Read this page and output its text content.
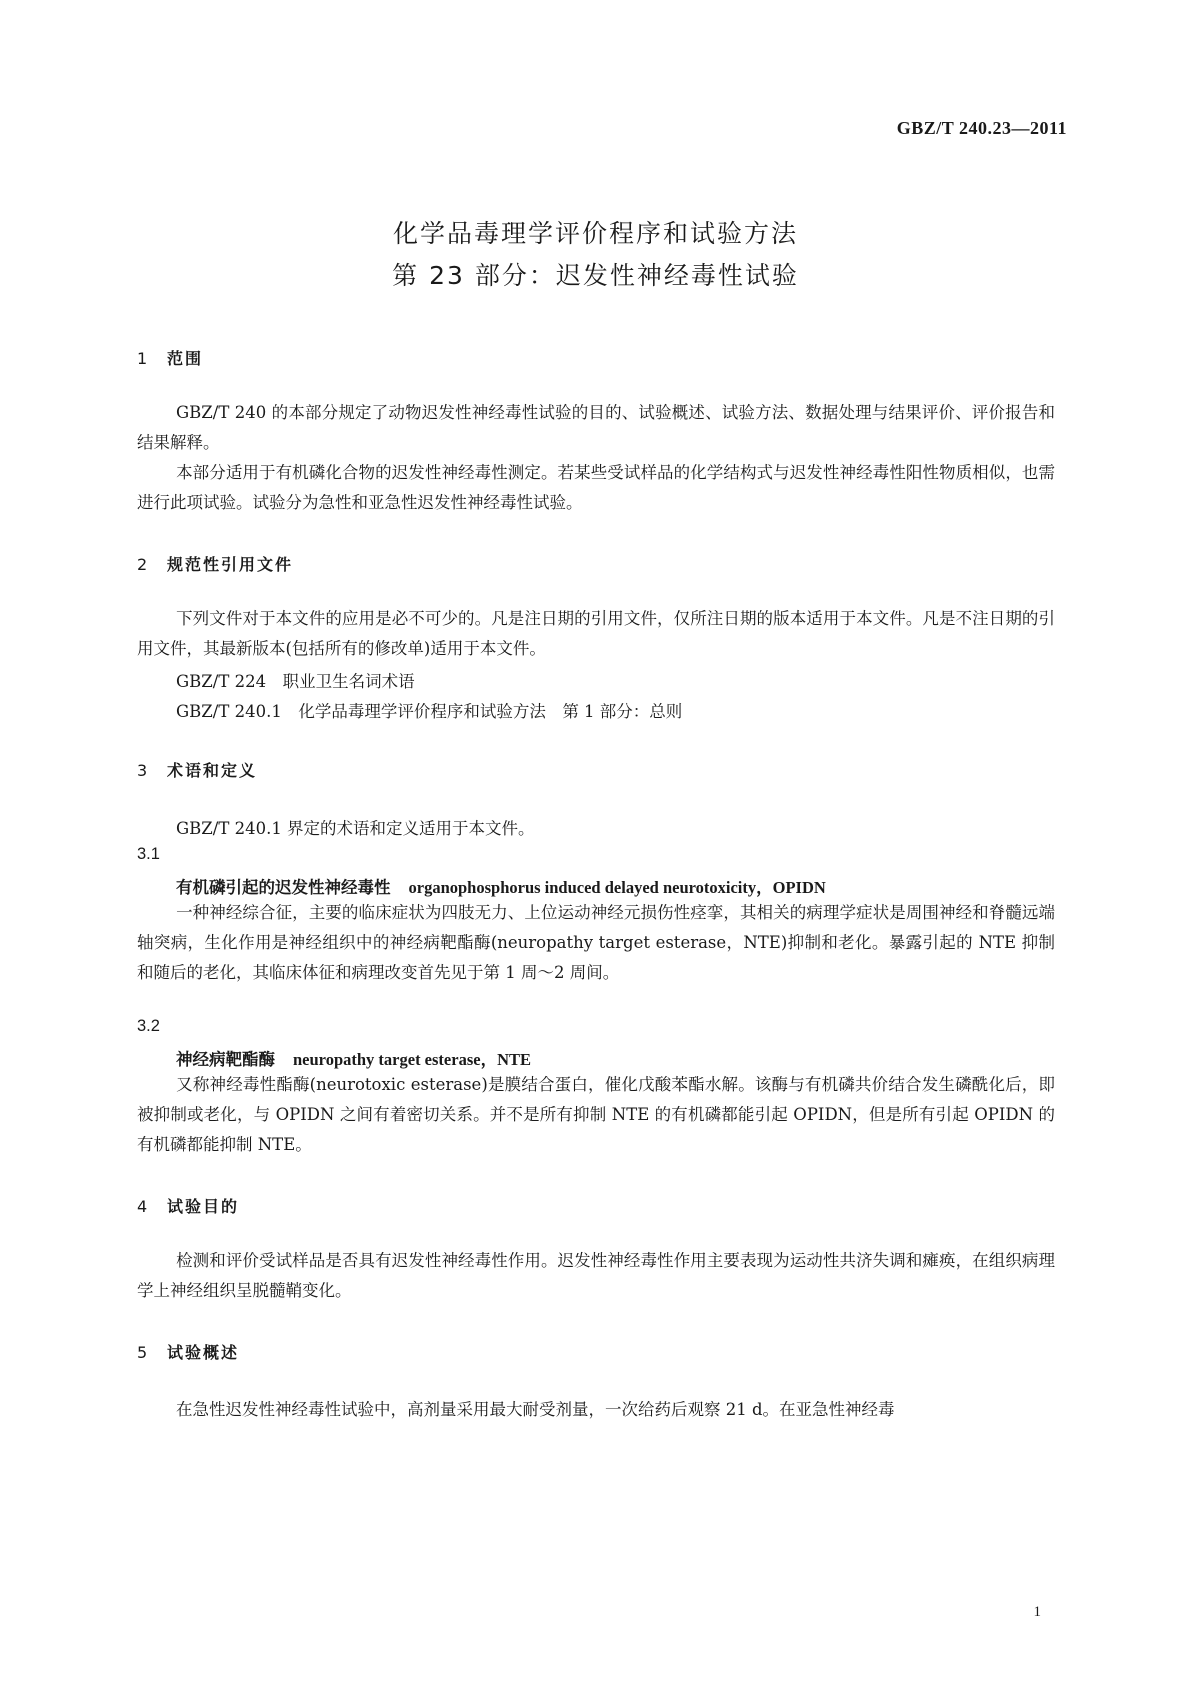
GBZ/T 240.23—2011
化学品毒理学评价程序和试验方法
第 23 部分：迟发性神经毒性试验
1 范围

GBZ/T 240 的本部分规定了动物迟发性神经毒性试验的目的、试验概述、试验方法、数据处理与结果评价、评价报告和结果解释。

本部分适用于有机磷化合物的迟发性神经毒性测定。若某些受试样品的化学结构式与迟发性神经毒性阳性物质相似，也需进行此项试验。试验分为急性和亚急性迟发性神经毒性试验。

2 规范性引用文件

下列文件对于本文件的应用是必不可少的。凡是注日期的引用文件，仅所注日期的版本适用于本文件。凡是不注日期的引用文件，其最新版本(包括所有的修改单)适用于本文件。

GBZ/T 224　职业卫生名词术语
GBZ/T 240.1　化学品毒理学评价程序和试验方法　第 1 部分：总则
3 术语和定义
GBZ/T 240.1 界定的术语和定义适用于本文件。
3.1
有机磷引起的迟发性神经毒性 organophosphorus induced delayed neurotoxicity，OPIDN

一种神经综合征，主要的临床症状为四肢无力、上位运动神经元损伤性痉挛，其相关的病理学症状是周围神经和脊髓远端轴突病，生化作用是神经组织中的神经病靶酯酶(neuropathy target esterase，NTE)抑制和老化。暴露引起的 NTE 抑制和随后的老化，其临床体征和病理改变首先见于第 1 周～2 周间。

3.2
神经病靶酯酶 neuropathy target esterase，NTE

又称神经毒性酯酶(neurotoxic esterase)是膜结合蛋白，催化戊酸苯酯水解。该酶与有机磷共价结合发生磷酰化后，即被抑制或老化，与 OPIDN 之间有着密切关系。并不是所有抑制 NTE 的有机磷都能引起 OPIDN，但是所有引起 OPIDN 的有机磷都能抑制 NTE。

4 试验目的

检测和评价受试样品是否具有迟发性神经毒性作用。迟发性神经毒性作用主要表现为运动性共济失调和瘫痪，在组织病理学上神经组织呈脱髓鞘变化。

5 试验概述
在急性迟发性神经毒性试验中，高剂量采用最大耐受剂量，一次给药后观察 21 d。在亚急性神经毒
1
